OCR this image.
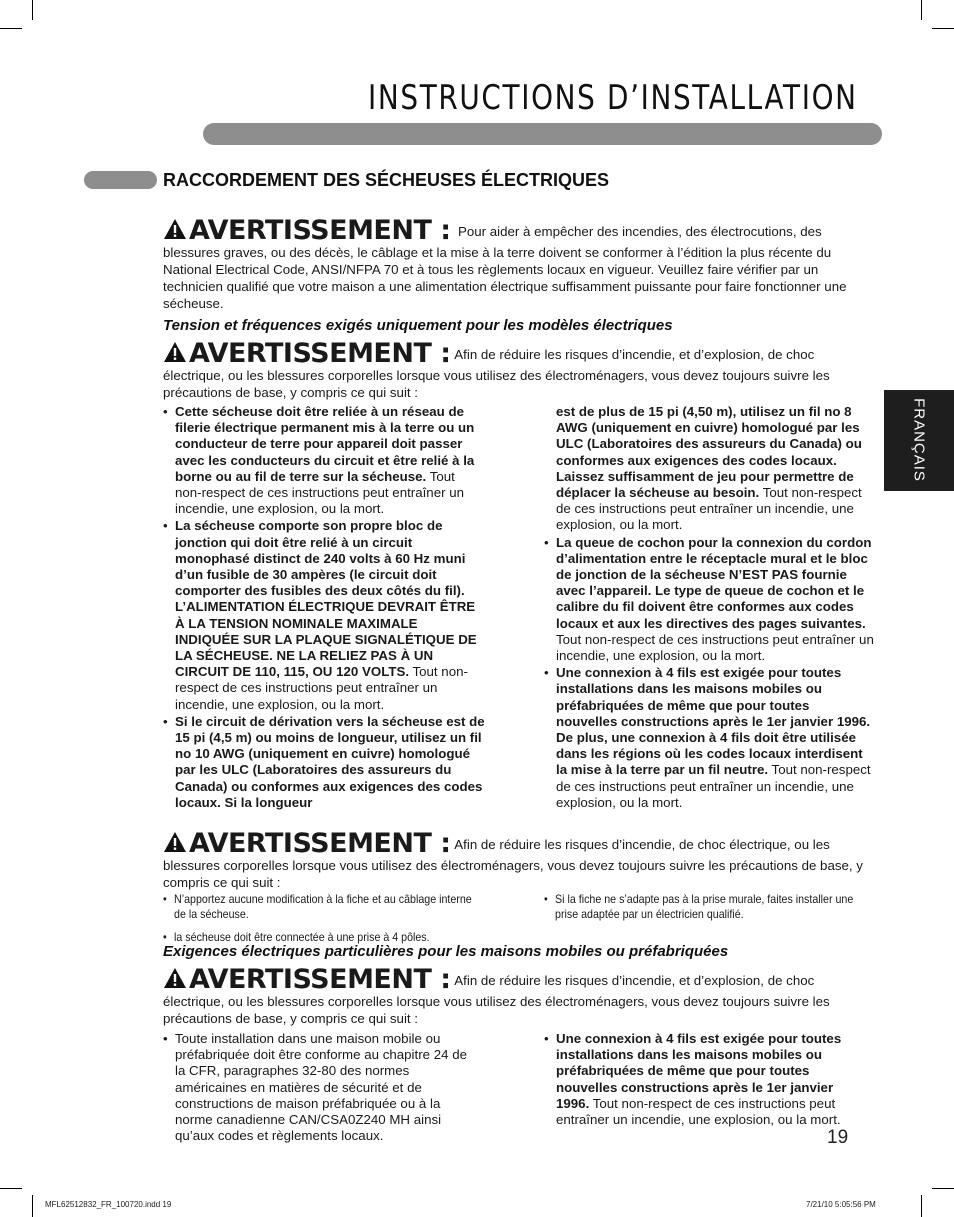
INSTRUCTIONS D’INSTALLATION
RACCORDEMENT DES SÉCHEUSES ÉLECTRIQUES
FRANÇAIS
AVERTISSEMENT : Pour aider à empêcher des incendies, des électrocutions, des blessures graves, ou des décès, le câblage et la mise à la terre doivent se conformer à l’édition la plus récente du National Electrical Code, ANSI/NFPA 70 et à tous les règlements locaux en vigueur. Veuillez faire vérifier par un technicien qualifié que votre maison a une alimentation électrique suffisamment puissante pour faire fonctionner une sécheuse.
Tension et fréquences exigés uniquement pour les modèles électriques
AVERTISSEMENT : Afin de réduire les risques d’incendie, et d’explosion, de choc électrique, ou les blessures corporelles lorsque vous utilisez des électroménagers, vous devez toujours suivre les précautions de base, y compris ce qui suit :
• Cette sécheuse doit être reliée à un réseau de filerie électrique permanent mis à la terre ou un conducteur de terre pour appareil doit passer avec les conducteurs du circuit et être relié à la borne ou au fil de terre sur la sécheuse. Tout non-respect de ces instructions peut entraîner un incendie, une explosion, ou la mort.
• La sécheuse comporte son propre bloc de jonction qui doit être relié à un circuit monophasé distinct de 240 volts à 60 Hz muni d’un fusible de 30 ampères (le circuit doit comporter des fusibles des deux côtés du fil). L’ALIMENTATION ÉLECTRIQUE DEVRAIT ÊTRE À LA TENSION NOMINALE MAXIMALE INDIQUÉE SUR LA PLAQUE SIGNALÉTIQUE DE LA SÉCHEUSE. NE LA RELIEZ PAS À UN CIRCUIT DE 110, 115, OU 120 VOLTS. Tout non-respect de ces instructions peut entraîner un incendie, une explosion, ou la mort.
• Si le circuit de dérivation vers la sécheuse est de 15 pi (4,5 m) ou moins de longueur, utilisez un fil no 10 AWG (uniquement en cuivre) homologué par les ULC (Laboratoires des assureurs du Canada) ou conformes aux exigences des codes locaux. Si la longueur
est de plus de 15 pi (4,50 m), utilisez un fil no 8 AWG (uniquement en cuivre) homologué par les ULC (Laboratoires des assureurs du Canada) ou conformes aux exigences des codes locaux. Laissez suffisamment de jeu pour permettre de déplacer la sécheuse au besoin. Tout non-respect de ces instructions peut entraîner un incendie, une explosion, ou la mort.
• La queue de cochon pour la connexion du cordon d’alimentation entre le réceptacle mural et le bloc de jonction de la sécheuse N’EST PAS fournie avec l’appareil. Le type de queue de cochon et le calibre du fil doivent être conformes aux codes locaux et aux les directives des pages suivantes. Tout non-respect de ces instructions peut entraîner un incendie, une explosion, ou la mort.
• Une connexion à 4 fils est exigée pour toutes installations dans les maisons mobiles ou préfabriquées de même que pour toutes nouvelles constructions après le 1er janvier 1996. De plus, une connexion à 4 fils doit être utilisée dans les régions où les codes locaux interdisent la mise à la terre par un fil neutre. Tout non-respect de ces instructions peut entraîner un incendie, une explosion, ou la mort.
AVERTISSEMENT : Afin de réduire les risques d’incendie, de choc électrique, ou les blessures corporelles lorsque vous utilisez des électroménagers, vous devez toujours suivre les précautions de base, y compris ce qui suit :
• N’apportez aucune modification à la fiche et au câblage interne de la sécheuse.
• la sécheuse doit être connectée à une prise à 4 pôles.
• Si la fiche ne s’adapte pas à la prise murale, faites installer une prise adaptée par un électricien qualifié.
Exigences électriques particulières pour les maisons mobiles ou préfabriquées
AVERTISSEMENT : Afin de réduire les risques d’incendie, et d’explosion, de choc électrique, ou les blessures corporelles lorsque vous utilisez des électroménagers, vous devez toujours suivre les précautions de base, y compris ce qui suit :
• Toute installation dans une maison mobile ou préfabriquée doit être conforme au chapitre 24 de la CFR, paragraphes 32-80 des normes américaines en matières de sécurité et de constructions de maison préfabriquée ou à la norme canadienne CAN/CSA0Z240 MH ainsi qu’aux codes et règlements locaux.
• Une connexion à 4 fils est exigée pour toutes installations dans les maisons mobiles ou préfabriquées de même que pour toutes nouvelles constructions après le 1er janvier 1996. Tout non-respect de ces instructions peut entraîner un incendie, une explosion, ou la mort.
19
MFL62512832_FR_100720.indd 19	7/21/10 5:05:56 PM
